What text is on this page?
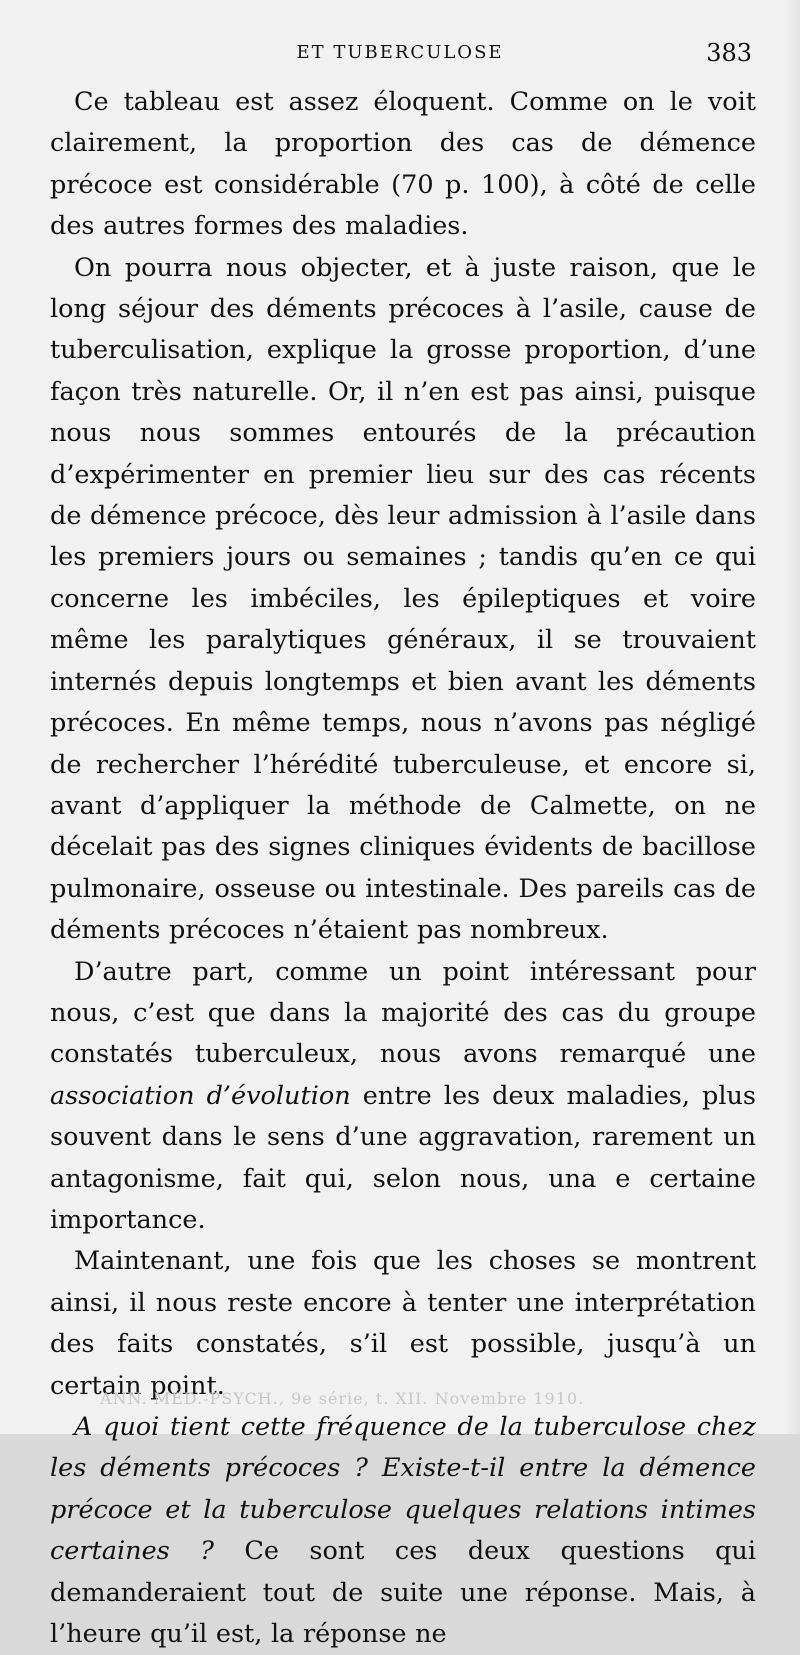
ET TUBERCULOSE	383

Ce tableau est assez éloquent. Comme on le voit clairement, la proportion des cas de démence précoce est considérable (70 p. 100), à côté de celle des autres formes des maladies.

On pourra nous objecter, et à juste raison, que le long séjour des déments précoces à l’asile, cause de tuberculisation, explique la grosse proportion, d’une façon très naturelle. Or, il n’en est pas ainsi, puisque nous nous sommes entourés de la précaution d’expérimenter en premier lieu sur des cas récents de démence précoce, dès leur admission à l’asile dans les premiers jours ou semaines ; tandis qu’en ce qui concerne les imbéciles, les épileptiques et voire même les paralytiques généraux, il se trouvaient internés depuis longtemps et bien avant les déments précoces. En même temps, nous n’avons pas négligé de rechercher l’hérédité tuberculeuse, et encore si, avant d’appliquer la méthode de Calmette, on ne décelait pas des signes cliniques évidents de bacillose pulmonaire, osseuse ou intestinale. Des pareils cas de déments précoces n’étaient pas nombreux.

D’autre part, comme un point intéressant pour nous, c’est que dans la majorité des cas du groupe constatés tuberculeux, nous avons remarqué une association d’évolution entre les deux maladies, plus souvent dans le sens d’une aggravation, rarement un antagonisme, fait qui, selon nous, una e certaine importance.

Maintenant, une fois que les choses se montrent ainsi, il nous reste encore à tenter une interprétation des faits constatés, s’il est possible, jusqu’à un certain point.

A quoi tient cette fréquence de la tuberculose chez les déments précoces ? Existe-t-il entre la démence précoce et la tuberculose quelques relations intimes certaines ? Ce sont ces deux questions qui demanderaient tout de suite une réponse. Mais, à l’heure qu’il est, la réponse ne

ANN. MÉD.-PSYCH., 9e série, t. XII. Novembre 1910.
